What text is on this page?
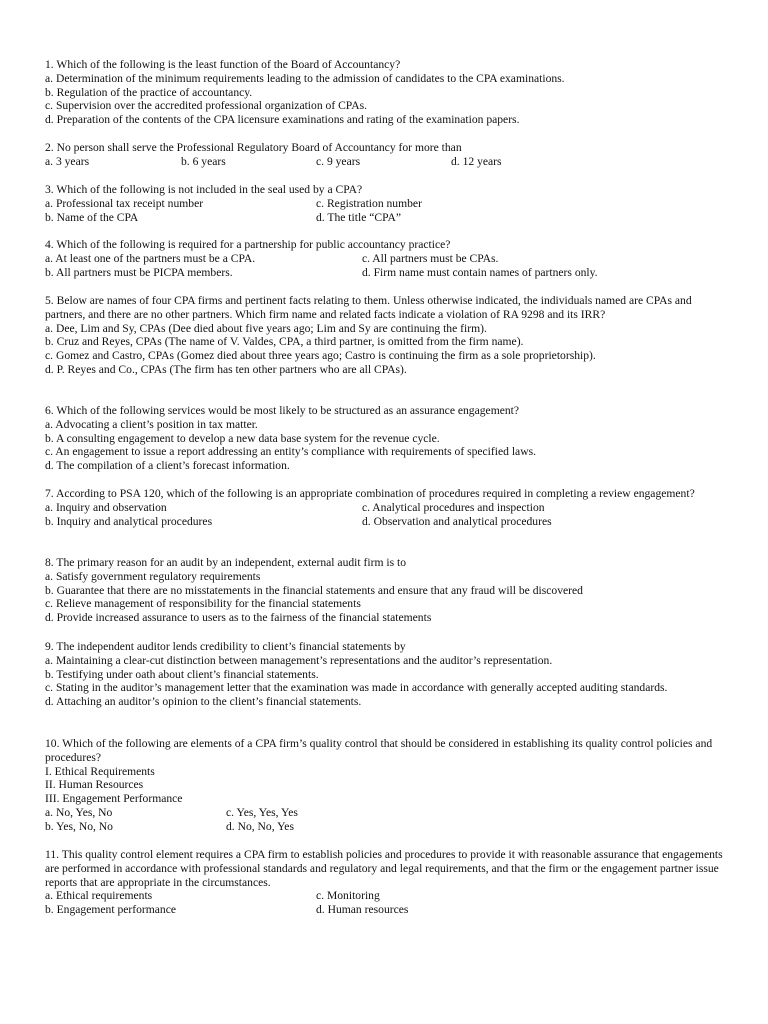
1. Which of the following is the least function of the Board of Accountancy?
a. Determination of the minimum requirements leading to the admission of candidates to the CPA examinations.
b. Regulation of the practice of accountancy.
c. Supervision over the accredited professional organization of CPAs.
d. Preparation of the contents of the CPA licensure examinations and rating of the examination papers.
2. No person shall serve the Professional Regulatory Board of Accountancy for more than
a. 3 years	b. 6 years	c. 9 years	d. 12 years
3. Which of the following is not included in the seal used by a CPA?
a. Professional tax receipt number	c. Registration number
b. Name of the CPA	d. The title “CPA”
4. Which of the following is required for a partnership for public accountancy practice?
a. At least one of the partners must be a CPA.	c. All partners must be CPAs.
b. All partners must be PICPA members.	d. Firm name must contain names of partners only.
5. Below are names of four CPA firms and pertinent facts relating to them. Unless otherwise indicated, the individuals named are CPAs and partners, and there are no other partners. Which firm name and related facts indicate a violation of RA 9298 and its IRR?
a. Dee, Lim and Sy, CPAs (Dee died about five years ago; Lim and Sy are continuing the firm).
b. Cruz and Reyes, CPAs (The name of V. Valdes, CPA, a third partner, is omitted from the firm name).
c. Gomez and Castro, CPAs (Gomez died about three years ago; Castro is continuing the firm as a sole proprietorship).
d. P. Reyes and Co., CPAs (The firm has ten other partners who are all CPAs).
6. Which of the following services would be most likely to be structured as an assurance engagement?
a. Advocating a client’s position in tax matter.
b. A consulting engagement to develop a new data base system for the revenue cycle.
c. An engagement to issue a report addressing an entity’s compliance with requirements of specified laws.
d. The compilation of a client’s forecast information.
7. According to PSA 120, which of the following is an appropriate combination of procedures required in completing a review engagement?
a. Inquiry and observation	c. Analytical procedures and inspection
b. Inquiry and analytical procedures	d. Observation and analytical procedures
8. The primary reason for an audit by an independent, external audit firm is to
a. Satisfy government regulatory requirements
b. Guarantee that there are no misstatements in the financial statements and ensure that any fraud will be discovered
c. Relieve management of responsibility for the financial statements
d. Provide increased assurance to users as to the fairness of the financial statements
9. The independent auditor lends credibility to client’s financial statements by
a. Maintaining a clear-cut distinction between management’s representations and the auditor’s representation.
b. Testifying under oath about client’s financial statements.
c. Stating in the auditor’s management letter that the examination was made in accordance with generally accepted auditing standards.
d. Attaching an auditor’s opinion to the client’s financial statements.
10. Which of the following are elements of a CPA firm’s quality control that should be considered in establishing its quality control policies and procedures?
I. Ethical Requirements
II. Human Resources
III. Engagement Performance
a. No, Yes, No	c. Yes, Yes, Yes
b. Yes, No, No	d. No, No, Yes
11. This quality control element requires a CPA firm to establish policies and procedures to provide it with reasonable assurance that engagements are performed in accordance with professional standards and regulatory and legal requirements, and that the firm or the engagement partner issue reports that are appropriate in the circumstances.
a. Ethical requirements	c. Monitoring
b. Engagement performance	d. Human resources
